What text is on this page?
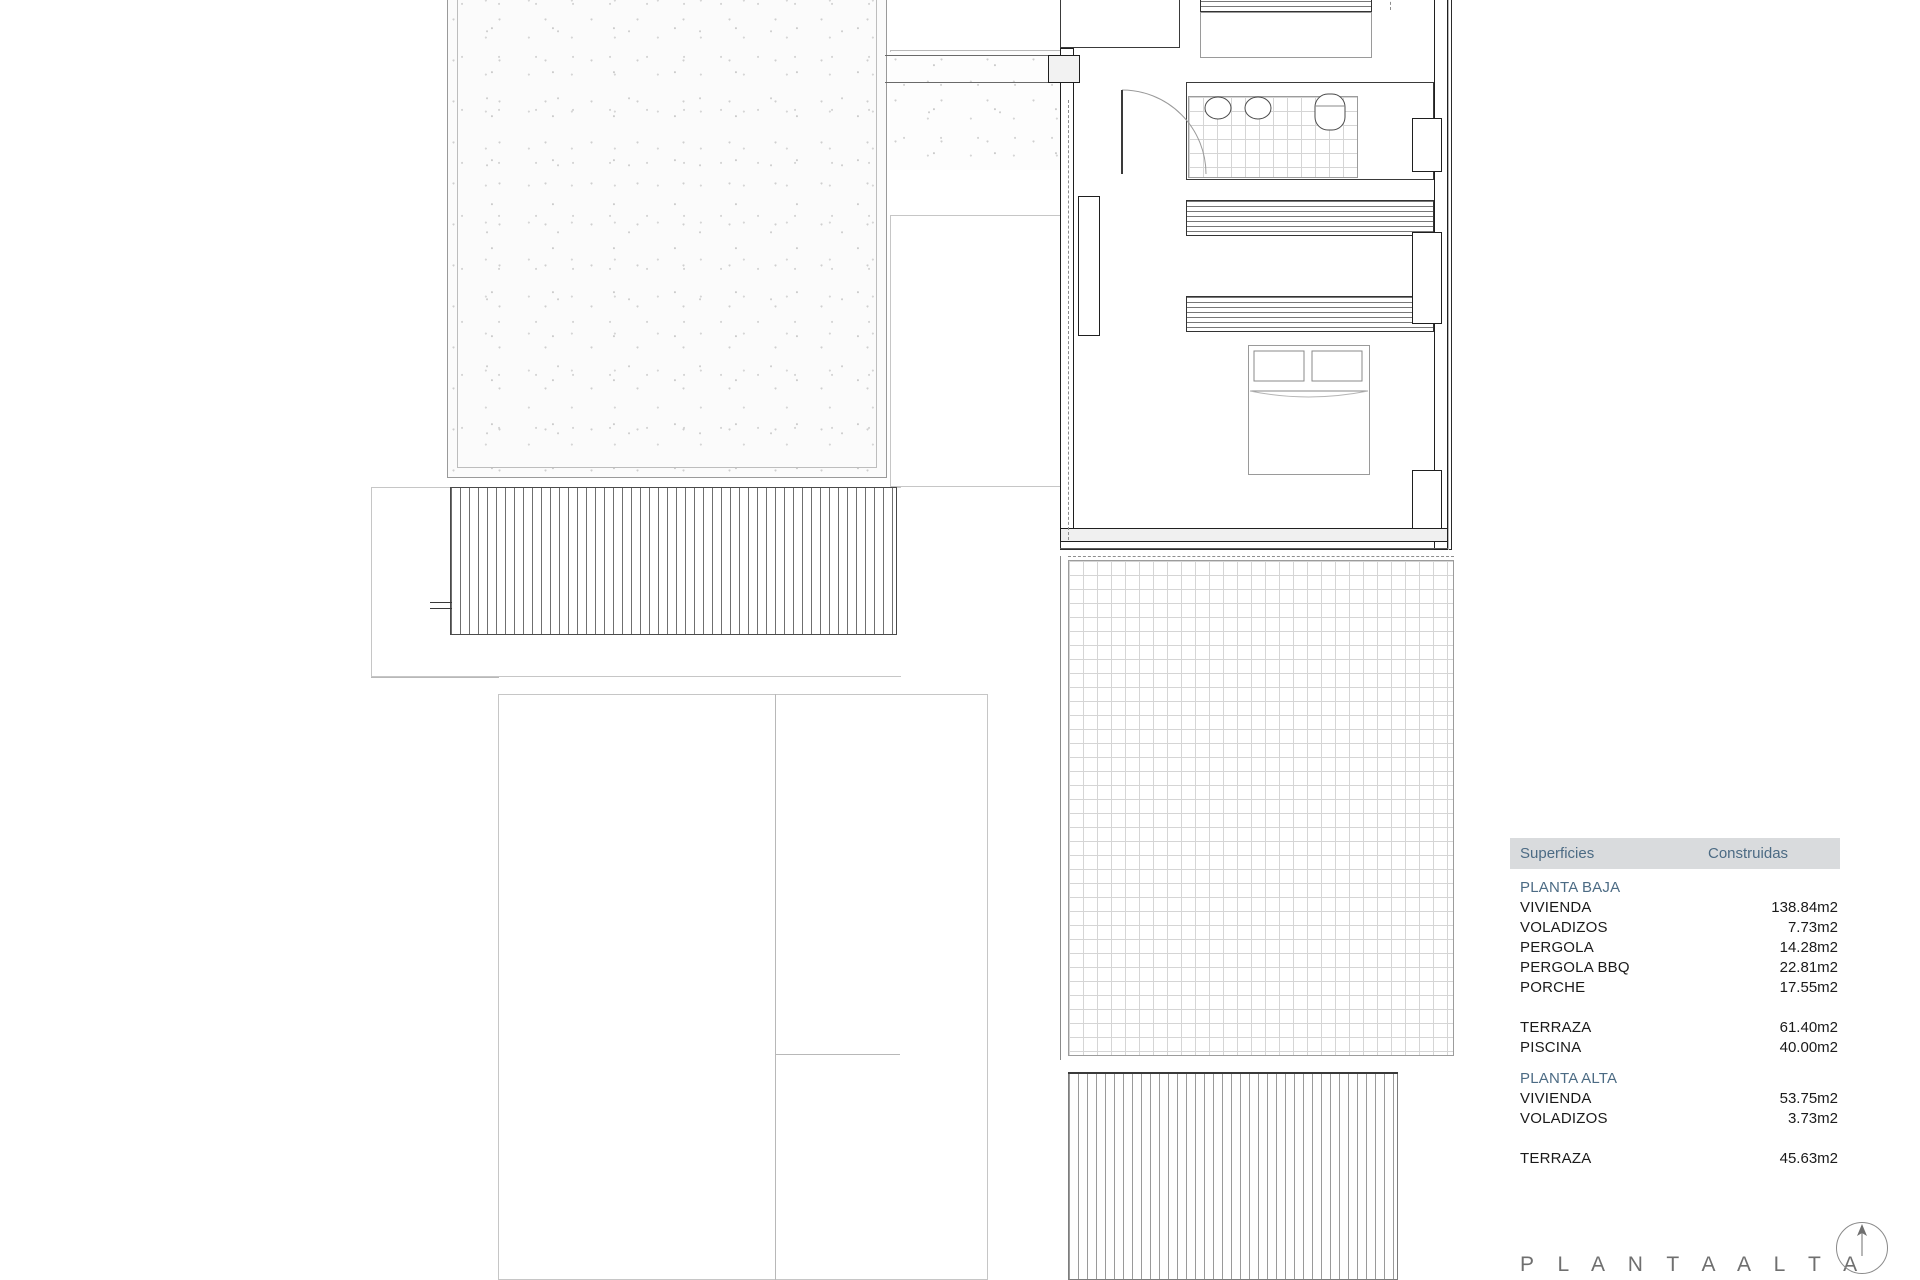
Superficies	Construidas
PLANTA BAJA
VIVIENDA	138.84m2
VOLADIZOS	7.73m2
PERGOLA	14.28m2
PERGOLA BBQ	22.81m2
PORCHE	17.55m2
TERRAZA	61.40m2
PISCINA	40.00m2
PLANTA ALTA
VIVIENDA	53.75m2
VOLADIZOS	3.73m2
TERRAZA	45.63m2
P L A N T A A L T A
